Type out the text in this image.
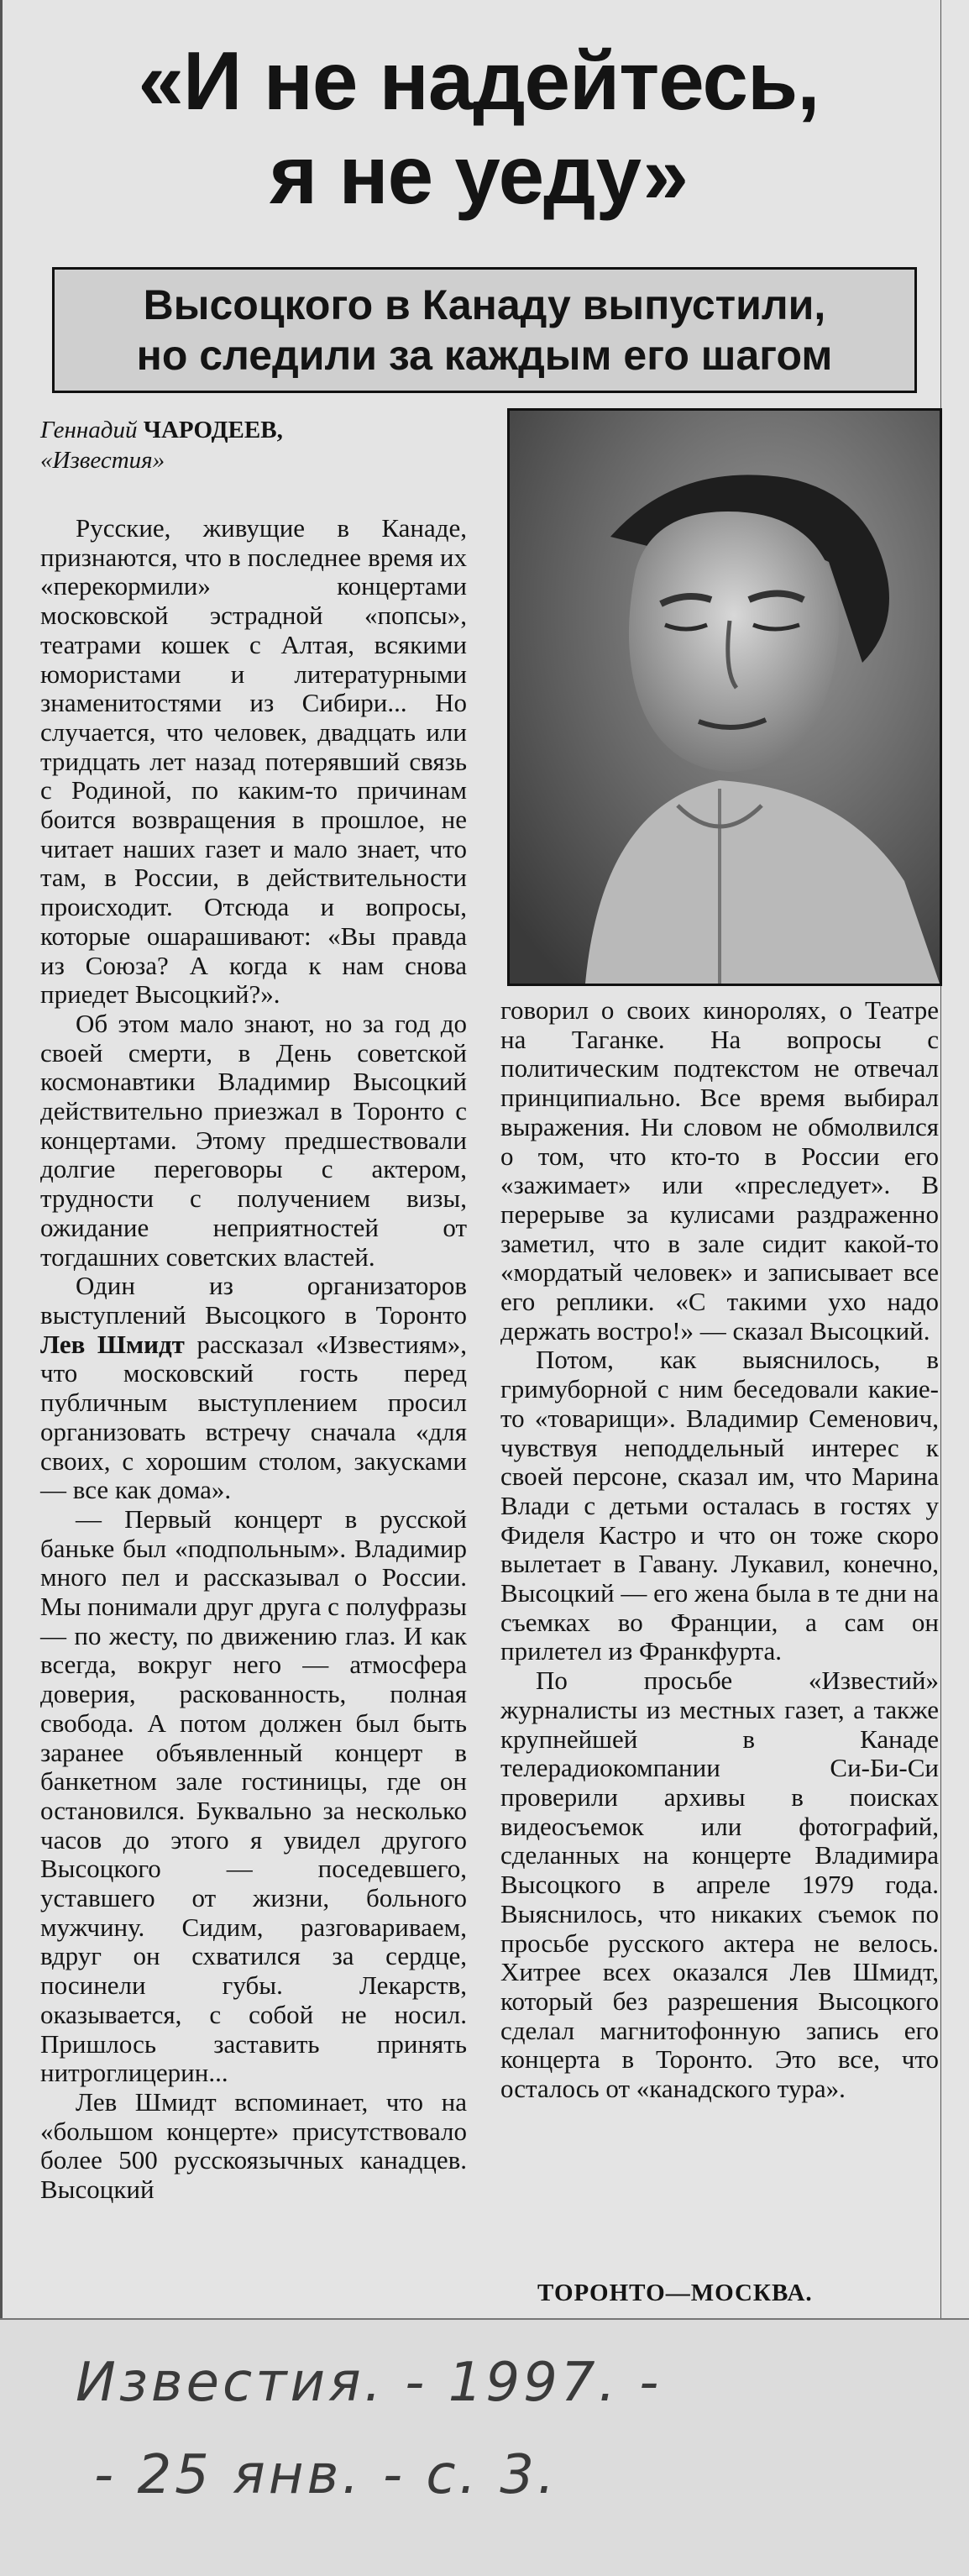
«И не надейтесь,
я не уеду»
Высоцкого в Канаду выпустили,
но следили за каждым его шагом
Геннадий ЧАРОДЕЕВ,
«Известия»

Русские, живущие в Канаде, признаются, что в последнее время их «перекормили» концертами московской эстрадной «попсы», театрами кошек с Алтая, всякими юмористами и литературными знаменитостями из Сибири... Но случается, что человек, двадцать или тридцать лет назад потерявший связь с Родиной, по каким-то причинам боится возвращения в прошлое, не читает наших газет и мало знает, что там, в России, в действительности происходит. Отсюда и вопросы, которые ошарашивают: «Вы правда из Союза? А когда к нам снова приедет Высоцкий?».

Об этом мало знают, но за год до своей смерти, в День советской космонавтики Владимир Высоцкий действительно приезжал в Торонто с концертами. Этому предшествовали долгие переговоры с актером, трудности с получением визы, ожидание неприятностей от тогдашних советских властей.

Один из организаторов выступлений Высоцкого в Торонто Лев Шмидт рассказал «Известиям», что московский гость перед публичным выступлением просил организовать встречу сначала «для своих, с хорошим столом, закусками — все как дома».

— Первый концерт в русской баньке был «подпольным». Владимир много пел и рассказывал о России. Мы понимали друг друга с полуфразы — по жесту, по движению глаз. И как всегда, вокруг него — атмосфера доверия, раскованность, полная свобода. А потом должен был быть заранее объявленный концерт в банкетном зале гостиницы, где он остановился. Буквально за несколько часов до этого я увидел другого Высоцкого — поседевшего, уставшего от жизни, больного мужчину. Сидим, разговариваем, вдруг он схватился за сердце, посинели губы. Лекарств, оказывается, с собой не носил. Пришлось заставить принять нитроглицерин...

Лев Шмидт вспоминает, что на «большом концерте» присутствовало более 500 русскоязычных канадцев. Высоцкий

говорил о своих киноролях, о Театре на Таганке. На вопросы с политическим подтекстом не отвечал принципиально. Все время выбирал выражения. Ни словом не обмолвился о том, что кто-то в России его «зажимает» или «преследует». В перерыве за кулисами раздраженно заметил, что в зале сидит какой-то «мордатый человек» и записывает все его реплики. «С такими ухо надо держать востро!» — сказал Высоцкий.

Потом, как выяснилось, в гримуборной с ним беседовали какие-то «товарищи». Владимир Семенович, чувствуя неподдельный интерес к своей персоне, сказал им, что Марина Влади с детьми осталась в гостях у Фиделя Кастро и что он тоже скоро вылетает в Гавану. Лукавил, конечно, Высоцкий — его жена была в те дни на съемках во Франции, а сам он прилетел из Франкфурта.

По просьбе «Известий» журналисты из местных газет, а также крупнейшей в Канаде телерадиокомпании Си-Би-Си проверили архивы в поисках видеосъемок или фотографий, сделанных на концерте Владимира Высоцкого в апреле 1979 года. Выяснилось, что никаких съемок по просьбе русского актера не велось. Хитрее всех оказался Лев Шмидт, который без разрешения Высоцкого сделал магнитофонную запись его концерта в Торонто. Это все, что осталось от «канадского тура».

ТОРОНТО—МОСКВА.
Известия. - 1997. -
- 25 янв. - с. 3.
